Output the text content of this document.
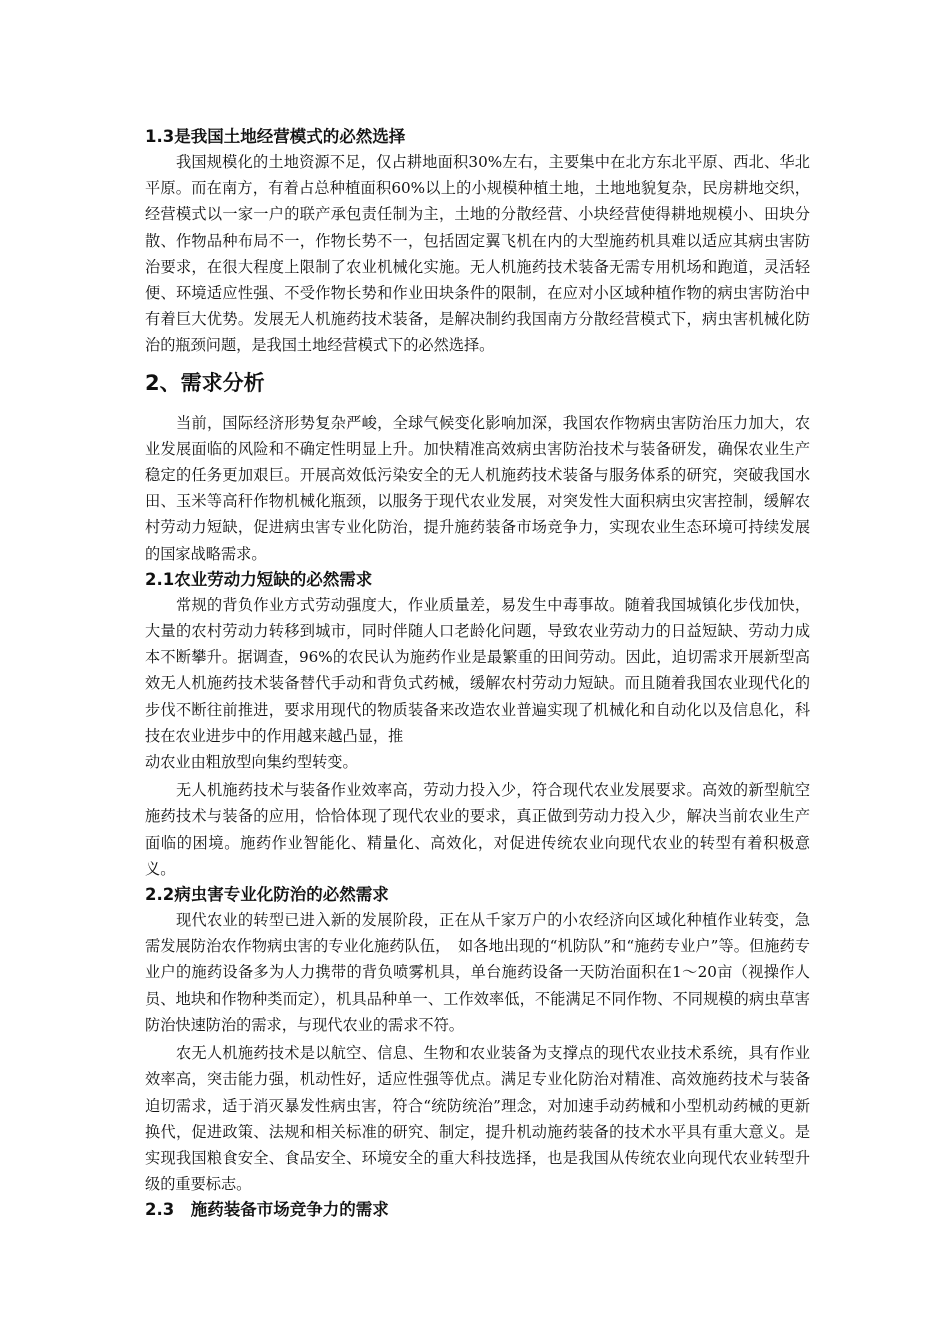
1.3是我国土地经营模式的必然选择

我国规模化的土地资源不足，仅占耕地面积30%左右，主要集中在北方东北平原、西北、华北平原。而在南方，有着占总种植面积60%以上的小规模种植土地，土地地貌复杂，民房耕地交织，经营模式以一家一户的联产承包责任制为主，土地的分散经营、小块经营使得耕地规模小、田块分散、作物品种布局不一，作物长势不一，包括固定翼飞机在内的大型施药机具难以适应其病虫害防治要求，在很大程度上限制了农业机械化实施。无人机施药技术装备无需专用机场和跑道，灵活轻便、环境适应性强、不受作物长势和作业田块条件的限制，在应对小区域种植作物的病虫害防治中有着巨大优势。发展无人机施药技术装备，是解决制约我国南方分散经营模式下，病虫害机械化防治的瓶颈问题，是我国土地经营模式下的必然选择。

2、需求分析

当前，国际经济形势复杂严峻，全球气候变化影响加深，我国农作物病虫害防治压力加大，农业发展面临的风险和不确定性明显上升。加快精准高效病虫害防治技术与装备研发，确保农业生产稳定的任务更加艰巨。开展高效低污染安全的无人机施药技术装备与服务体系的研究，突破我国水田、玉米等高秆作物机械化瓶颈，以服务于现代农业发展，对突发性大面积病虫灾害控制，缓解农村劳动力短缺，促进病虫害专业化防治，提升施药装备市场竞争力，实现农业生态环境可持续发展的国家战略需求。

2.1农业劳动力短缺的必然需求

常规的背负作业方式劳动强度大，作业质量差，易发生中毒事故。随着我国城镇化步伐加快，大量的农村劳动力转移到城市，同时伴随人口老龄化问题，导致农业劳动力的日益短缺、劳动力成本不断攀升。据调查，96%的农民认为施药作业是最繁重的田间劳动。因此，迫切需求开展新型高效无人机施药技术装备替代手动和背负式药械，缓解农村劳动力短缺。而且随着我国农业现代化的步伐不断往前推进，要求用现代的物质装备来改造农业普遍实现了机械化和自动化以及信息化，科技在农业进步中的作用越来越凸显，推

动农业由粗放型向集约型转变。

无人机施药技术与装备作业效率高，劳动力投入少，符合现代农业发展要求。高效的新型航空施药技术与装备的应用，恰恰体现了现代农业的要求，真正做到劳动力投入少，解决当前农业生产面临的困境。施药作业智能化、精量化、高效化，对促进传统农业向现代农业的转型有着积极意义。

2.2病虫害专业化防治的必然需求

现代农业的转型已进入新的发展阶段，正在从千家万户的小农经济向区域化种植作业转变，急需发展防治农作物病虫害的专业化施药队伍，　如各地出现的“机防队”和“施药专业户”等。但施药专业户的施药设备多为人力携带的背负喷雾机具，单台施药设备一天防治面积在1～20亩（视操作人员、地块和作物种类而定），机具品种单一、工作效率低，不能满足不同作物、不同规模的病虫草害防治快速防治的需求，与现代农业的需求不符。

农无人机施药技术是以航空、信息、生物和农业装备为支撑点的现代农业技术系统，具有作业效率高，突击能力强，机动性好，适应性强等优点。满足专业化防治对精准、高效施药技术与装备迫切需求，适于消灭暴发性病虫害，符合“统防统治”理念，对加速手动药械和小型机动药械的更新换代，促进政策、法规和相关标准的研究、制定，提升机动施药装备的技术水平具有重大意义。是实现我国粮食安全、食品安全、环境安全的重大科技选择，也是我国从传统农业向现代农业转型升级的重要标志。

2.3　施药装备市场竞争力的需求
